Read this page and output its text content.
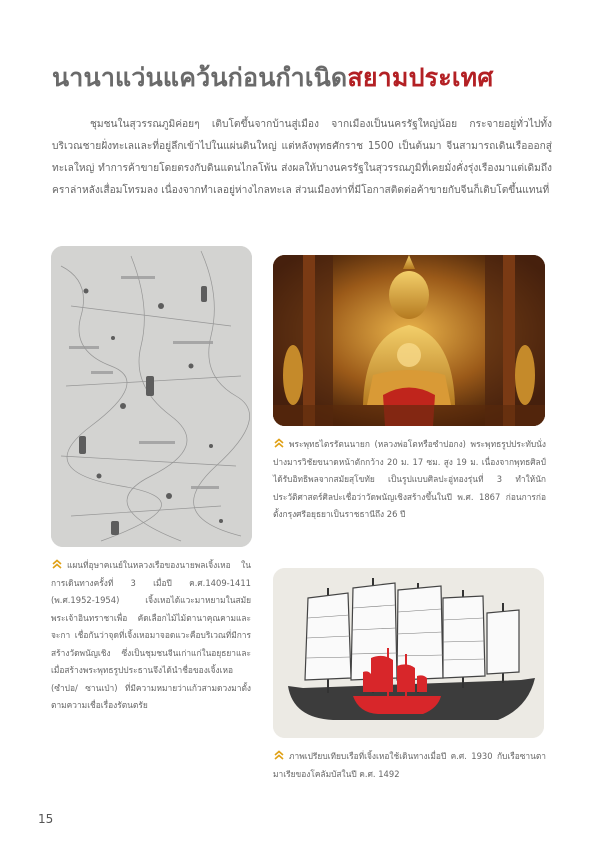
นานาแว่นแคว้นก่อนกำเนิดสยามประเทศ

ชุมชนในสุวรรณภูมิค่อยๆ เติบโตขึ้นจากบ้านสู่เมือง จากเมืองเป็นนครรัฐใหญ่น้อย กระจายอยู่ทั่วไปทั้งบริเวณชายฝั่งทะเลและที่อยู่ลึกเข้าไปในแผ่นดินใหญ่ แต่หลังพุทธศักราช 1500 เป็นต้นมา จีนสามารถเดินเรือออกสู่ทะเลใหญ่ ทำการค้าขายโดยตรงกับดินแดนไกลโพ้น ส่งผลให้บางนครรัฐในสุวรรณภูมิที่เคยมั่งคั่งรุ่งเรืองมาแต่เดิมถึงคราล่าหลังเสื่อมโทรมลง เนื่องจากทำเลอยู่ห่างไกลทะเล ส่วนเมืองท่าที่มีโอกาสติดต่อค้าขายกับจีนก็เติบโตขึ้นแทนที่

พระพุทธไตรรัตนนายก (หลวงพ่อโตหรือซำปอกง) พระพุทธรูปประทับนั่งปางมารวิชัยขนาดหน้าตักกว้าง 20 ม. 17 ซม. สูง 19 ม. เนื่องจากพุทธศิลป์ได้รับอิทธิพลจากสมัยสุโขทัย เป็นรูปแบบศิลปะอู่ทองรุ่นที่ 3 ทำให้นักประวัติศาสตร์ศิลปะเชื่อว่าวัดพนัญเชิงสร้างขึ้นในปี พ.ศ. 1867 ก่อนการก่อตั้งกรุงศรีอยุธยาเป็นราชธานีถึง 26 ปี
แผนที่อุษาคเนย์ในหลวงเรือของนายพลเจิ้งเหอ ในการเดินทางครั้งที่ 3 เมื่อปี ค.ศ.1409-1411 (พ.ศ.1952-1954) เจิ้งเหอได้แวะมาหยามในสมัยพระเจ้าอินทราชาเพื่อ คัดเลือกไม้ไม้ตานาคุณคามและจะกา เชื่อกันว่าจุดที่เจิ้งเหอมาจอดแวะคือบริเวณที่มีการสร้างวัดพนัญเชิง ซึ่งเป็นชุมชนจีนเก่าแก่ในอยุธยาและเมื่อสร้างพระพุทธรูปประธานจึงได้นำชื่อของเจิ้งเหอ (ซำปอ/ ซานเป่า) ที่มีความหมายว่าแก้วสามดวงมาตั้งตามความเชื่อเรื่องรัตนตรัย
ภาพเปรียบเทียบเรือที่เจิ้งเหอใช้เดินทางเมื่อปี ค.ศ. 1930 กับเรือซานตามาเรียของโคลัมบัสในปี ค.ศ. 1492
15
